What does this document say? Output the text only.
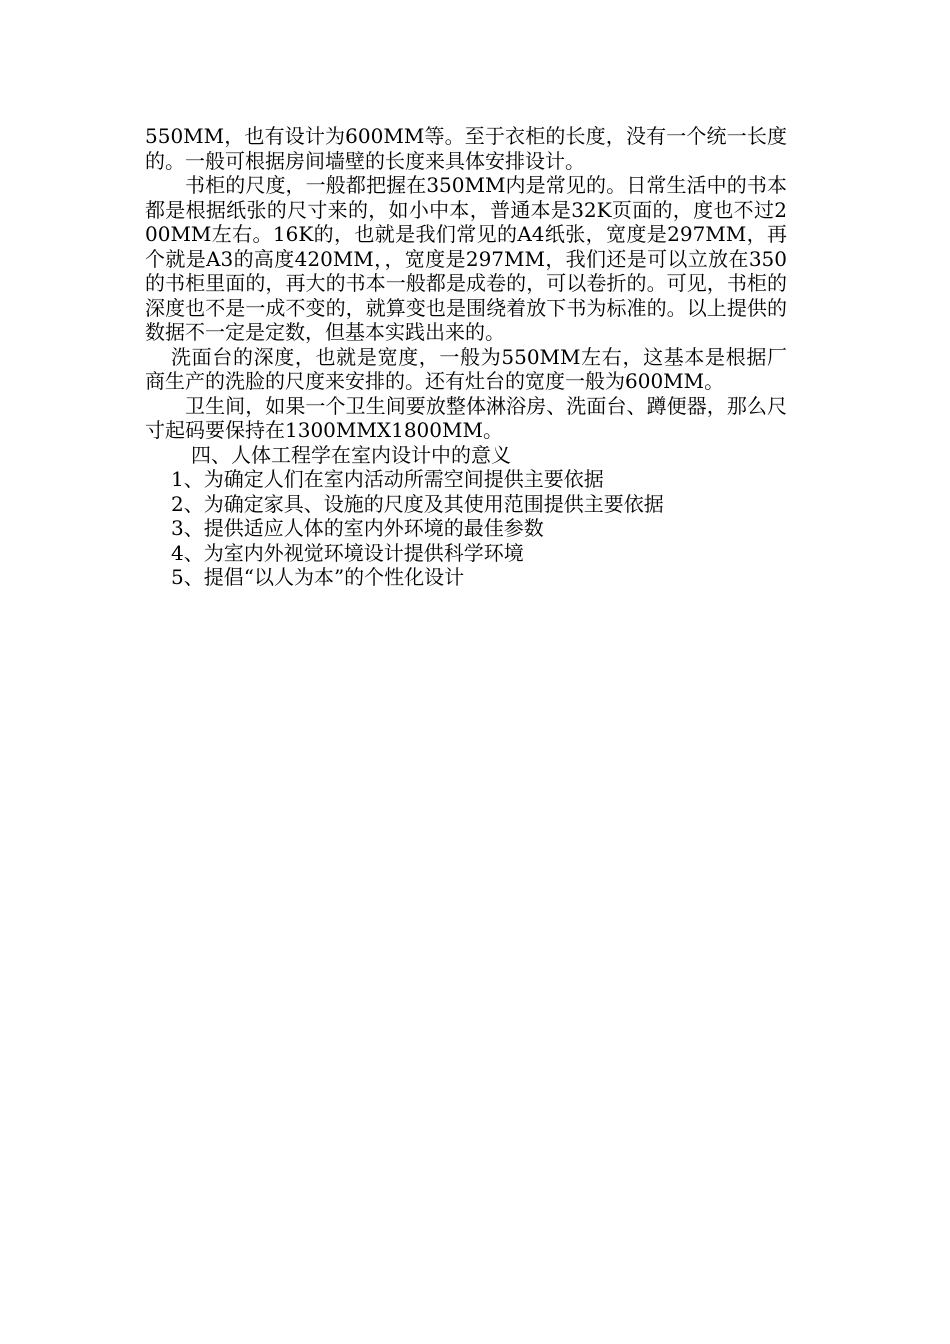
550MM，也有设计为600MM等。至于衣柜的长度，没有一个统一长度的。一般可根据房间墙壁的长度来具体安排设计。

书柜的尺度，一般都把握在350MM内是常见的。日常生活中的书本都是根据纸张的尺寸来的，如小中本，普通本是32K页面的，度也不过200MM左右。16K的，也就是我们常见的A4纸张，宽度是297MM，再个就是A3的高度420MM，，宽度是297MM，我们还是可以立放在350的书柜里面的，再大的书本一般都是成卷的，可以卷折的。可见，书柜的深度也不是一成不变的，就算变也是围绕着放下书为标准的。以上提供的数据不一定是定数，但基本实践出来的。

洗面台的深度，也就是宽度，一般为550MM左右，这基本是根据厂商生产的洗脸的尺度来安排的。还有灶台的宽度一般为600MM。

卫生间，如果一个卫生间要放整体淋浴房、洗面台、蹲便器，那么尺寸起码要保持在1300MMX1800MM。

四、人体工程学在室内设计中的意义

1、为确定人们在室内活动所需空间提供主要依据
2、为确定家具、设施的尺度及其使用范围提供主要依据
3、提供适应人体的室内外环境的最佳参数
4、为室内外视觉环境设计提供科学环境
5、提倡“以人为本”的个性化设计
